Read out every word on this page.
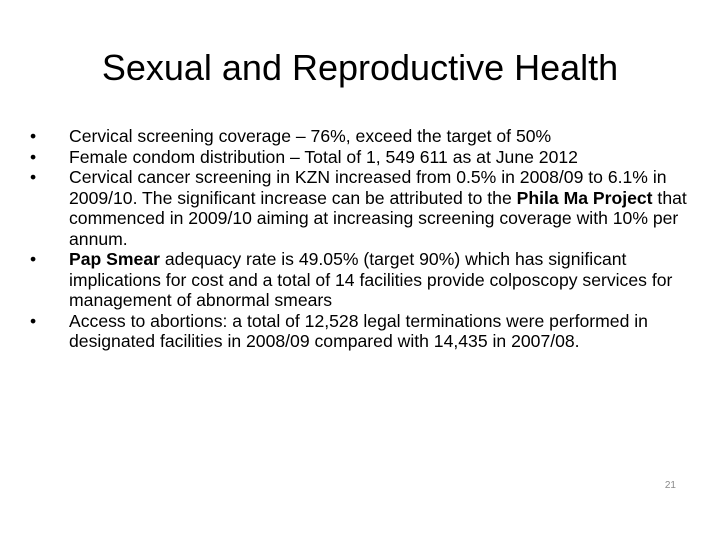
Sexual and Reproductive Health
• Cervical screening coverage – 76%, exceed the target of 50%
• Female condom distribution – Total of 1, 549 611 as at June 2012
• Cervical cancer screening in KZN increased from 0.5% in 2008/09 to 6.1% in 2009/10. The significant increase can be attributed to the Phila Ma Project that commenced in 2009/10 aiming at increasing screening coverage with 10% per annum.
• Pap Smear adequacy rate is 49.05% (target 90%) which has significant implications for cost and a total of 14 facilities provide colposcopy services for management of abnormal smears
• Access to abortions: a total of 12,528 legal terminations were performed in designated facilities in 2008/09 compared with 14,435 in 2007/08.
21
